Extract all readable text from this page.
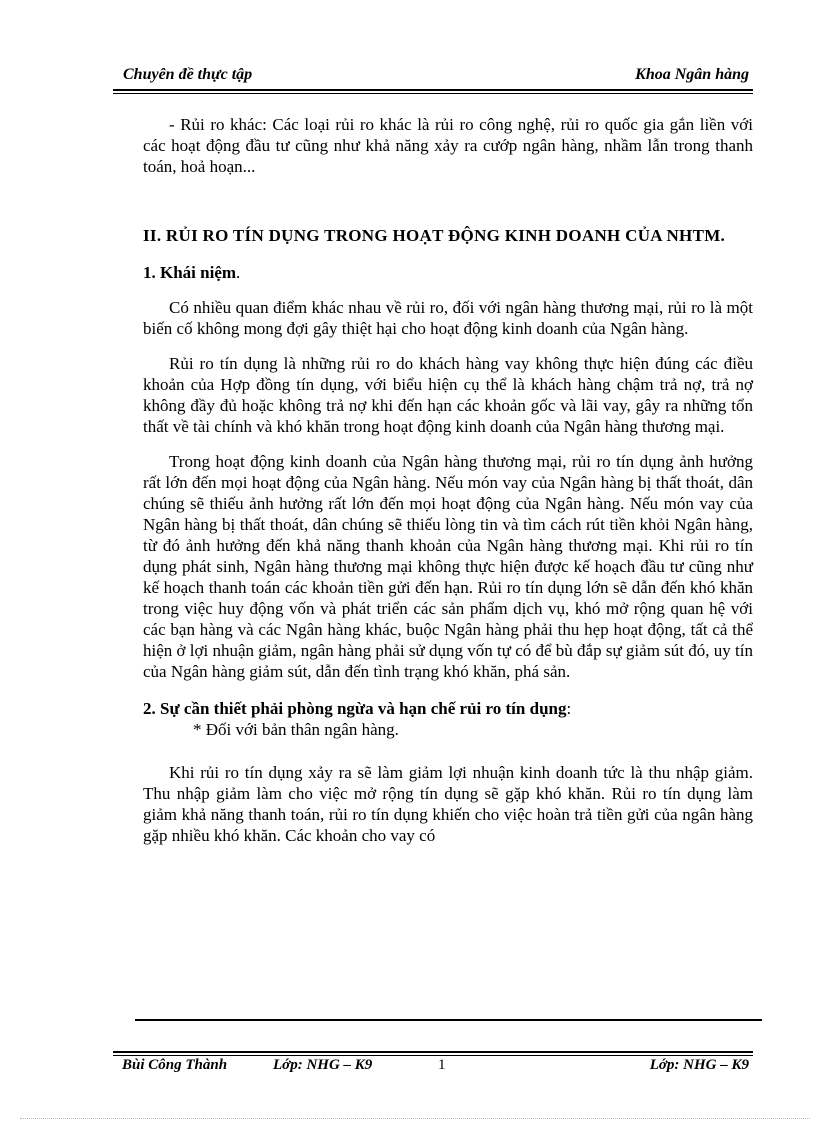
Chuyên đề thực tập	Khoa Ngân hàng

- Rủi ro khác: Các loại rủi ro khác là rủi ro công nghệ, rủi ro quốc gia gắn liền với các hoạt động đầu tư cũng như khả năng xảy ra cướp ngân hàng, nhầm lẫn trong thanh toán, hoả hoạn...

II. RỦI RO TÍN DỤNG TRONG HOẠT ĐỘNG KINH DOANH CỦA NHTM.

1. Khái niệm.

Có nhiều quan điểm khác nhau về rủi ro, đối với ngân hàng thương mại, rủi ro là một biến cố không mong đợi gây thiệt hại cho hoạt động kinh doanh của Ngân hàng.

Rủi ro tín dụng là những rủi ro do khách hàng vay không thực hiện đúng các điều khoản của Hợp đồng tín dụng, với biểu hiện cụ thể là khách hàng chậm trả nợ, trả nợ không đầy đủ hoặc không trả nợ khi đến hạn các khoản gốc và lãi vay, gây ra những tổn thất về tài chính và khó khăn trong hoạt động kinh doanh của Ngân hàng thương mại.

Trong hoạt động kinh doanh của Ngân hàng thương mại, rủi ro tín dụng ảnh hưởng rất lớn đến mọi hoạt động của Ngân hàng. Nếu món vay của Ngân hàng bị thất thoát, dân chúng sẽ thiếu ảnh hưởng rất lớn đến mọi hoạt động của Ngân hàng. Nếu món vay của Ngân hàng bị thất thoát, dân chúng sẽ thiếu lòng tin và tìm cách rút tiền khỏi Ngân hàng, từ đó ảnh hưởng đến khả năng thanh khoản của Ngân hàng thương mại. Khi rủi ro tín dụng phát sinh, Ngân hàng thương mại không thực hiện được kế hoạch đầu tư cũng như kế hoạch thanh toán các khoản tiền gửi đến hạn. Rủi ro tín dụng lớn sẽ dẫn đến khó khăn trong việc huy động vốn và phát triển các sản phẩm dịch vụ, khó mở rộng quan hệ với các bạn hàng và các Ngân hàng khác, buộc Ngân hàng phải thu hẹp hoạt động, tất cả thể hiện ở lợi nhuận giảm, ngân hàng phải sử dụng vốn tự có để bù đắp sự giảm sút đó, uy tín của Ngân hàng giảm sút, dẫn đến tình trạng khó khăn, phá sản.

2. Sự cần thiết phải phòng ngừa và hạn chế rủi ro tín dụng:

* Đối với bản thân ngân hàng.

Khi rủi ro tín dụng xảy ra sẽ làm giảm lợi nhuận kinh doanh tức là thu nhập giảm. Thu nhập giảm làm cho việc mở rộng tín dụng sẽ gặp khó khăn. Rủi ro tín dụng làm giảm khả năng thanh toán, rủi ro tín dụng khiến cho việc hoàn trả tiền gửi của ngân hàng gặp nhiều khó khăn. Các khoản cho vay có

Bùi Công Thành	Lớp: NHG – K9	1	Lớp: NHG – K9
